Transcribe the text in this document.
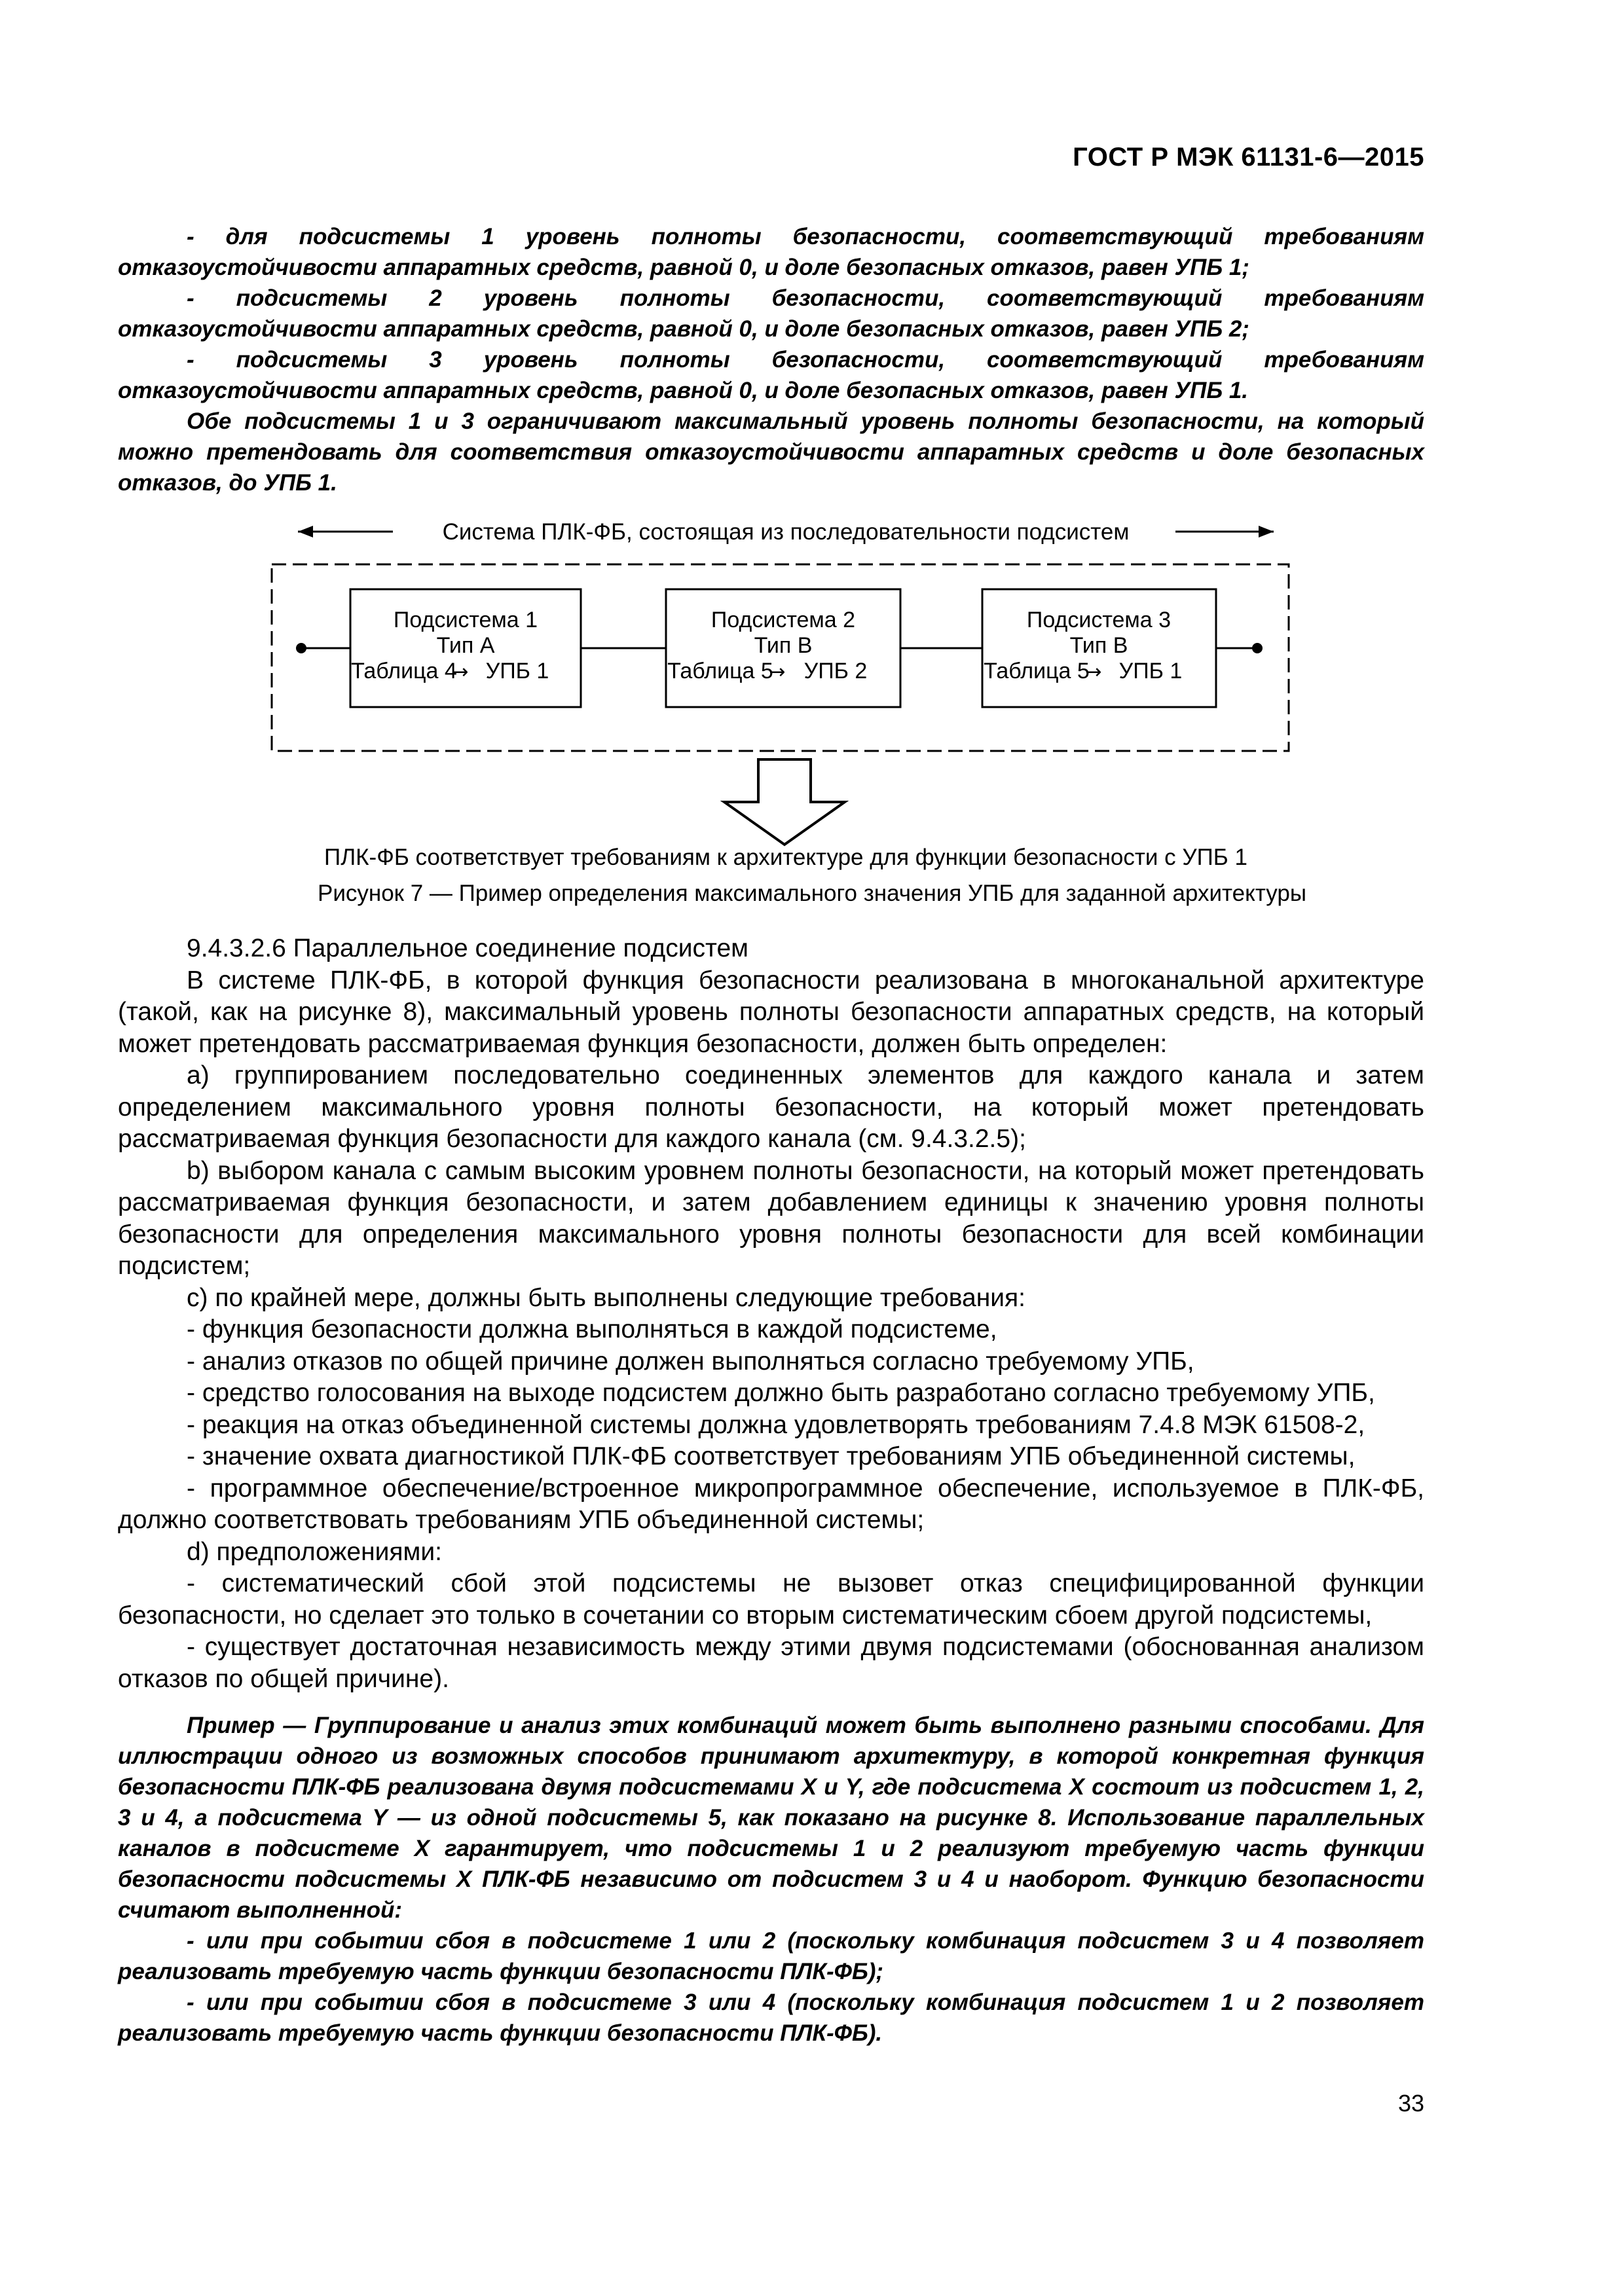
ГОСТ Р МЭК 61131-6—2015

- для подсистемы 1 уровень полноты безопасности, соответствующий требованиям отказоустойчивости аппаратных средств, равной 0, и доле безопасных отказов, равен УПБ 1;

- подсистемы 2 уровень полноты безопасности, соответствующий требованиям отказоустойчивости аппаратных средств, равной 0, и доле безопасных отказов, равен УПБ 2;

- подсистемы 3 уровень полноты безопасности, соответствующий требованиям отказоустойчивости аппаратных средств, равной 0, и доле безопасных отказов, равен УПБ 1.

Обе подсистемы 1 и 3 ограничивают максимальный уровень полноты безопасности, на который можно претендовать для соответствия отказоустойчивости аппаратных средств и доле безопасных отказов, до УПБ 1.

Система ПЛК-ФБ, состоящая из последовательности подсистем
Подсистема 1
Тип А
Таблица 4
→ УПБ 1
Подсистема 2
Тип В
Таблица 5
→ УПБ 2
Подсистема 3
Тип В
Таблица 5
→ УПБ 1
ПЛК-ФБ соответствует требованиям к архитектуре для функции безопасности с УПБ 1
Рисунок 7 — Пример определения максимального значения УПБ для заданной архитектуры

9.4.3.2.6 Параллельное соединение подсистем

В системе ПЛК-ФБ, в которой функция безопасности реализована в многоканальной архитектуре (такой, как на рисунке 8), максимальный уровень полноты безопасности аппаратных средств, на который может претендовать рассматриваемая функция безопасности, должен быть определен:

а) группированием последовательно соединенных элементов для каждого канала и затем определением максимального уровня полноты безопасности, на который может претендовать рассматриваемая функция безопасности для каждого канала (см. 9.4.3.2.5);

b) выбором канала с самым высоким уровнем полноты безопасности, на который может претендовать рассматриваемая функция безопасности, и затем добавлением единицы к значению уровня полноты безопасности для определения максимального уровня полноты безопасности для всей комбинации подсистем;

с) по крайней мере, должны быть выполнены следующие требования:

- функция безопасности должна выполняться в каждой подсистеме,

- анализ отказов по общей причине должен выполняться согласно требуемому УПБ,

- средство голосования на выходе подсистем должно быть разработано согласно требуемому УПБ,

- реакция на отказ объединенной системы должна удовлетворять требованиям 7.4.8 МЭК 61508-2,

- значение охвата диагностикой ПЛК-ФБ соответствует требованиям УПБ объединенной системы,

- программное обеспечение/встроенное микропрограммное обеспечение, используемое в ПЛК-ФБ, должно соответствовать требованиям УПБ объединенной системы;

d) предположениями:

- систематический сбой этой подсистемы не вызовет отказ специфицированной функции безопасности, но сделает это только в сочетании со вторым систематическим сбоем другой подсистемы,

- существует достаточная независимость между этими двумя подсистемами (обоснованная анализом отказов по общей причине).

Пример — Группирование и анализ этих комбинаций может быть выполнено разными способами. Для иллюстрации одного из возможных способов принимают архитектуру, в которой конкретная функция безопасности ПЛК-ФБ реализована двумя подсистемами X и Y, где подсистема X состоит из подсистем 1, 2, 3 и 4, а подсистема Y — из одной подсистемы 5, как показано на рисунке 8. Использование параллельных каналов в подсистеме X гарантирует, что подсистемы 1 и 2 реализуют требуемую часть функции безопасности подсистемы X ПЛК-ФБ независимо от подсистем 3 и 4 и наоборот. Функцию безопасности считают выполненной:

- или при событии сбоя в подсистеме 1 или 2 (поскольку комбинация подсистем 3 и 4 позволяет реализовать требуемую часть функции безопасности ПЛК-ФБ);

- или при событии сбоя в подсистеме 3 или 4 (поскольку комбинация подсистем 1 и 2 позволяет реализовать требуемую часть функции безопасности ПЛК-ФБ).

33
